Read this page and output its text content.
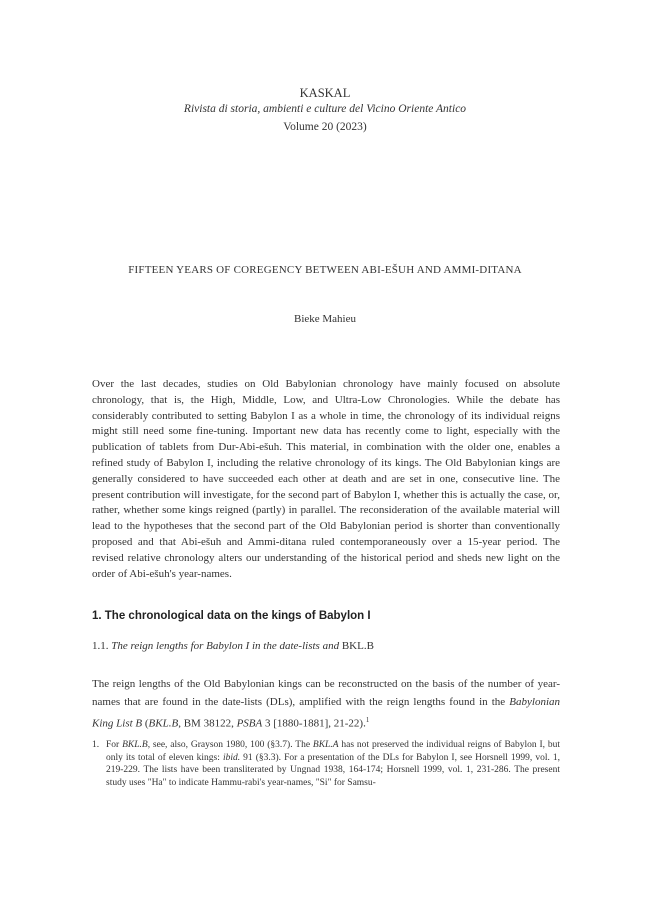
KASKAL
Rivista di storia, ambienti e culture del Vicino Oriente Antico
Volume 20 (2023)
FIFTEEN YEARS OF COREGENCY BETWEEN ABI-EŠUH AND AMMI-DITANA
Bieke Mahieu

Over the last decades, studies on Old Babylonian chronology have mainly focused on absolute chronology, that is, the High, Middle, Low, and Ultra-Low Chronologies. While the debate has considerably contributed to setting Babylon I as a whole in time, the chronology of its individual reigns might still need some fine-tuning. Important new data has recently come to light, especially with the publication of tablets from Dur-Abi-ešuh. This material, in combination with the older one, enables a refined study of Babylon I, including the relative chronology of its kings. The Old Babylonian kings are generally considered to have succeeded each other at death and are set in one, consecutive line. The present contribution will investigate, for the second part of Babylon I, whether this is actually the case, or, rather, whether some kings reigned (partly) in parallel. The reconsideration of the available material will lead to the hypotheses that the second part of the Old Babylonian period is shorter than conventionally proposed and that Abi-ešuh and Ammi-ditana ruled contemporaneously over a 15-year period. The revised relative chronology alters our understanding of the historical period and sheds new light on the order of Abi-ešuh's year-names.

1. The chronological data on the kings of Babylon I

1.1. The reign lengths for Babylon I in the date-lists and BKL.B

The reign lengths of the Old Babylonian kings can be reconstructed on the basis of the number of year-names that are found in the date-lists (DLs), amplified with the reign lengths found in the Babylonian King List B (BKL.B, BM 38122, PSBA 3 [1880-1881], 21-22).$^1$

1. For BKL.B, see, also, Grayson 1980, 100 (§3.7). The BKL.A has not preserved the individual reigns of Babylon I, but only its total of eleven kings: ibid. 91 (§3.3). For a presentation of the DLs for Babylon I, see Horsnell 1999, vol. 1, 219-229. The lists have been transliterated by Ungnad 1938, 164-174; Horsnell 1999, vol. 1, 231-286. The present study uses "Ha" to indicate Hammu-rabi's year-names, "Si" for Samsu-
